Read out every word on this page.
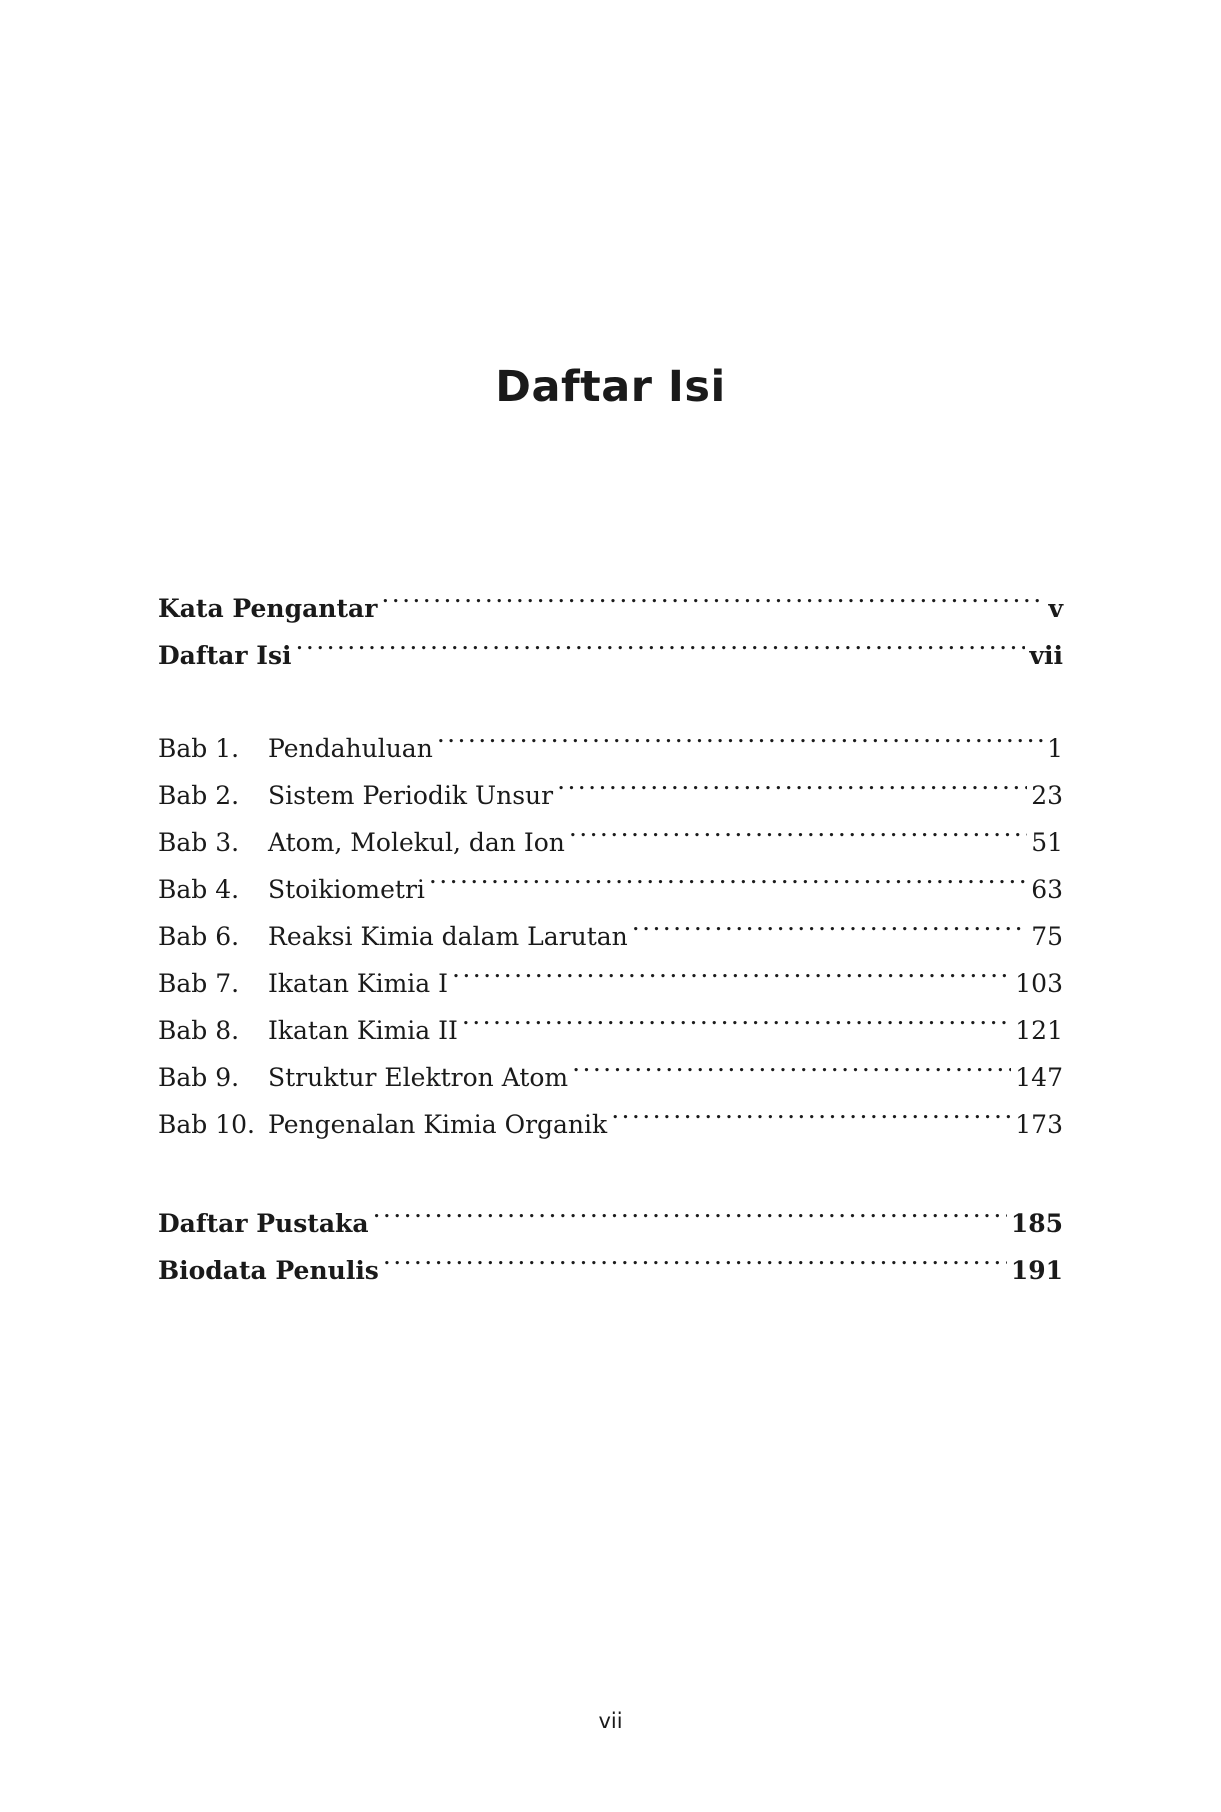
Daftar Isi
Kata Pengantar .....	v
Daftar Isi .....	vii
Bab 1.	Pendahuluan .....	1
Bab 2.	Sistem Periodik Unsur .....	23
Bab 3.	Atom, Molekul, dan Ion .....	51
Bab 4.	Stoikiometri .....	63
Bab 6.	Reaksi Kimia dalam Larutan .....	75
Bab 7.	Ikatan Kimia I .....	103
Bab 8.	Ikatan Kimia II .....	121
Bab 9.	Struktur Elektron Atom .....	147
Bab 10. Pengenalan Kimia Organik .....	173
Daftar Pustaka .....	185
Biodata Penulis .....	191
vii
